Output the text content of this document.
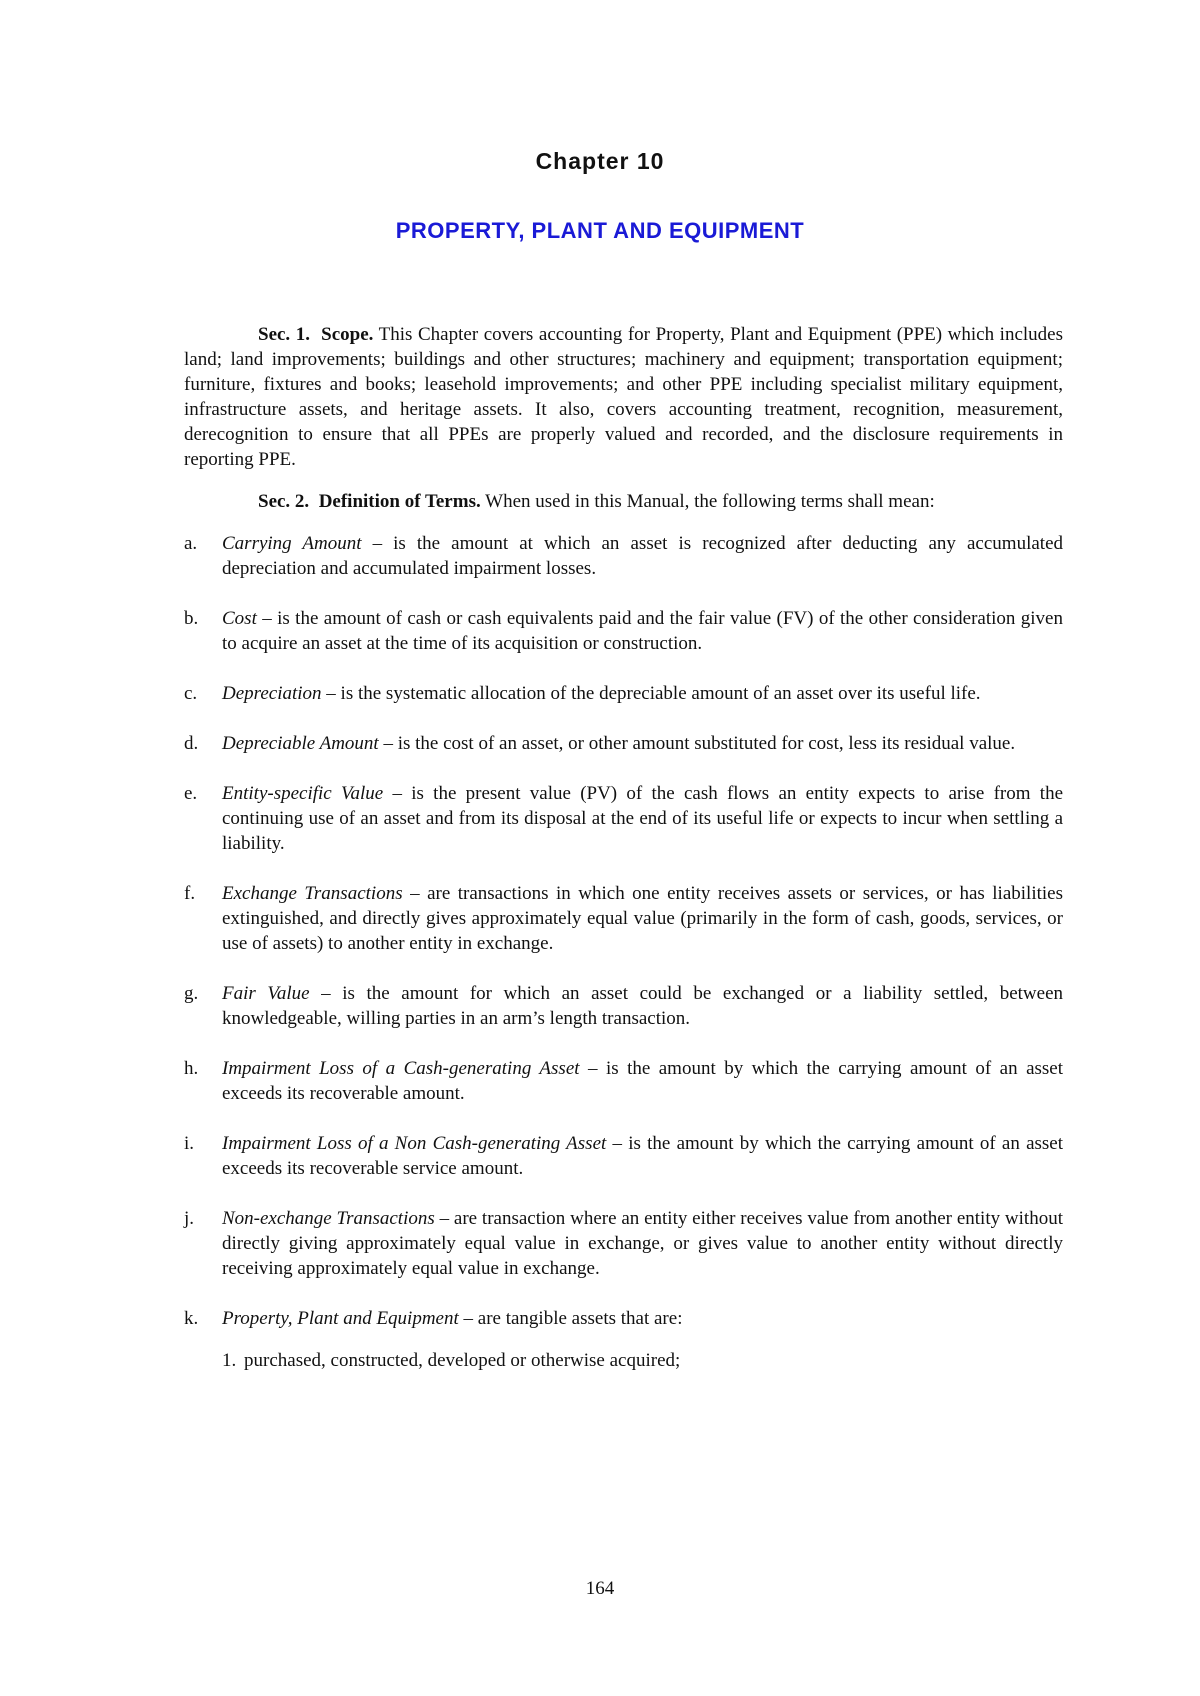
Chapter 10
PROPERTY, PLANT AND EQUIPMENT

Sec. 1. Scope. This Chapter covers accounting for Property, Plant and Equipment (PPE) which includes land; land improvements; buildings and other structures; machinery and equipment; transportation equipment; furniture, fixtures and books; leasehold improvements; and other PPE including specialist military equipment, infrastructure assets, and heritage assets. It also, covers accounting treatment, recognition, measurement, derecognition to ensure that all PPEs are properly valued and recorded, and the disclosure requirements in reporting PPE.

Sec. 2. Definition of Terms. When used in this Manual, the following terms shall mean:

a.	Carrying Amount – is the amount at which an asset is recognized after deducting any accumulated depreciation and accumulated impairment losses.
b.	Cost – is the amount of cash or cash equivalents paid and the fair value (FV) of the other consideration given to acquire an asset at the time of its acquisition or construction.
c.	Depreciation – is the systematic allocation of the depreciable amount of an asset over its useful life.
d.	Depreciable Amount – is the cost of an asset, or other amount substituted for cost, less its residual value.
e.	Entity-specific Value – is the present value (PV) of the cash flows an entity expects to arise from the continuing use of an asset and from its disposal at the end of its useful life or expects to incur when settling a liability.
f.	Exchange Transactions – are transactions in which one entity receives assets or services, or has liabilities extinguished, and directly gives approximately equal value (primarily in the form of cash, goods, services, or use of assets) to another entity in exchange.
g.	Fair Value – is the amount for which an asset could be exchanged or a liability settled, between knowledgeable, willing parties in an arm’s length transaction.
h.	Impairment Loss of a Cash-generating Asset – is the amount by which the carrying amount of an asset exceeds its recoverable amount.
i.	Impairment Loss of a Non Cash-generating Asset – is the amount by which the carrying amount of an asset exceeds its recoverable service amount.
j.	Non-exchange Transactions – are transaction where an entity either receives value from another entity without directly giving approximately equal value in exchange, or gives value to another entity without directly receiving approximately equal value in exchange.
k.	Property, Plant and Equipment – are tangible assets that are:
1. purchased, constructed, developed or otherwise acquired;
164
